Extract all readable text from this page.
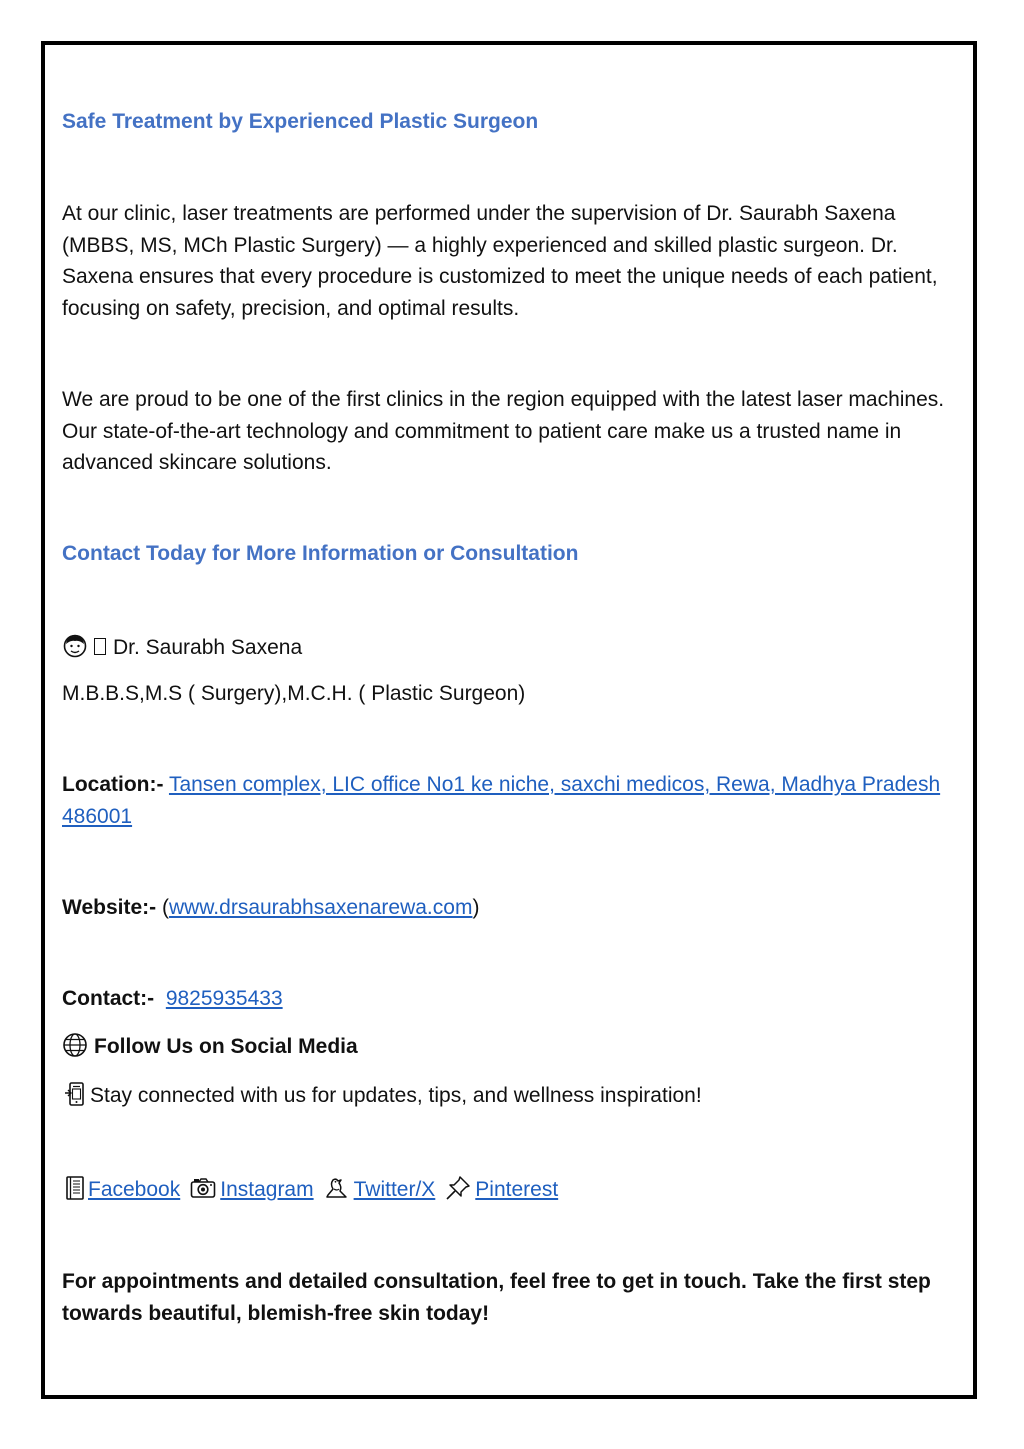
Safe Treatment by Experienced Plastic Surgeon
At our clinic, laser treatments are performed under the supervision of Dr. Saurabh Saxena (MBBS, MS, MCh Plastic Surgery) — a highly experienced and skilled plastic surgeon. Dr. Saxena ensures that every procedure is customized to meet the unique needs of each patient, focusing on safety, precision, and optimal results.
We are proud to be one of the first clinics in the region equipped with the latest laser machines. Our state-of-the-art technology and commitment to patient care make us a trusted name in advanced skincare solutions.
Contact Today for More Information or Consultation
Dr. Saurabh Saxena
M.B.B.S,M.S ( Surgery),M.C.H. ( Plastic Surgeon)
Location:- Tansen complex, LIC office No1 ke niche, saxchi medicos, Rewa, Madhya Pradesh
486001
Website:- (www.drsaurabhsaxenarewa.com)
Contact:- 9825935433
Follow Us on Social Media
Stay connected with us for updates, tips, and wellness inspiration!
Facebook Instagram Twitter/X Pinterest
For appointments and detailed consultation, feel free to get in touch. Take the first step towards beautiful, blemish-free skin today!
